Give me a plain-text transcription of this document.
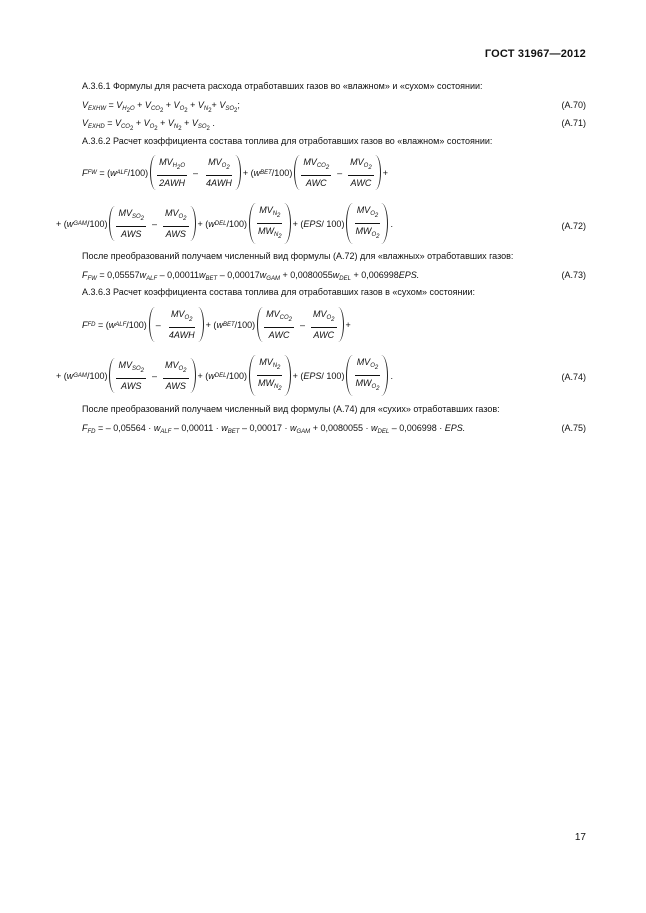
ГОСТ 31967—2012
А.3.6.1 Формулы для расчета расхода отработавших газов во «влажном» и «сухом» состоянии:
$V_{EXHW} = V_{H_2O} + V_{CO_2} + V_{O_2} + V_{N_2}+ V_{SO_2}$;	(А.70)
$V_{EXHD} = V_{CO_2} + V_{O_2} + V_{N_2} + V_{SO_2}$ .	(А.71)
А.3.6.2 Расчет коэффициента состава топлива для отработавших газов во «влажном» состоянии:
F FW = ( w ALF $/100) \frac{MV_{H_2O}}{\text{2AWH}} - \frac{MV_{O_2}}{\text{4AWH}}$ + ( w BET $/100) \frac{MV_{CO_2}}{\text{AWC}} - \frac{MV_{O_2}}{\text{AWC}}$ +
+ ( w GAM $/100) \frac{MV_{SO_2}}{\text{AWS}} - \frac{MV_{O_2}}{\text{AWS}}$ + ( w DEL $/100) \frac{MV_{N_2}}{MW_{N_2}}$ + ( EPS / $100) \frac{MV_{O_2}}{MW_{O_2}}$ .	(А.72)
После преобразований получаем численный вид формулы (А.72) для «влажных» отработавших газов:
$F_{FW} = 0,05557w_{ALF} - 0,00011w_{BET} - 0,00017w_{GAM} + 0,0080055w_{DEL} + 0,006998EPS$.	(А.73)
А.3.6.3 Расчет коэффициента состава топлива для отработавших газов в «сухом» состоянии:
F FD = ( w ALF $/100) - \frac{MV_{O_2}}{\text{4AWH}}$ + ( w BET $/100) \frac{MV_{CO_2}}{\text{AWC}} - \frac{MV_{O_2}}{\text{AWC}}$ +
+ ( w GAM $/100) \frac{MV_{SO_2}}{\text{AWS}} - \frac{MV_{O_2}}{\text{AWS}}$ + ( w DEL $/100) \frac{MV_{N_2}}{MW_{N_2}}$ + ( EPS / $100) \frac{MV_{O_2}}{MW_{O_2}}$ .	(А.74)
После преобразований получаем численный вид формулы (А.74) для «сухих» отработавших газов:
$F_{FD}$ = – $0,05564 \cdot w_{ALF} - 0,00011 \cdot w_{BET} - 0,00017 \cdot w_{GAM} + 0,0080055 \cdot w_{DEL} - 0,006998$ · EPS.	(А.75)
17
